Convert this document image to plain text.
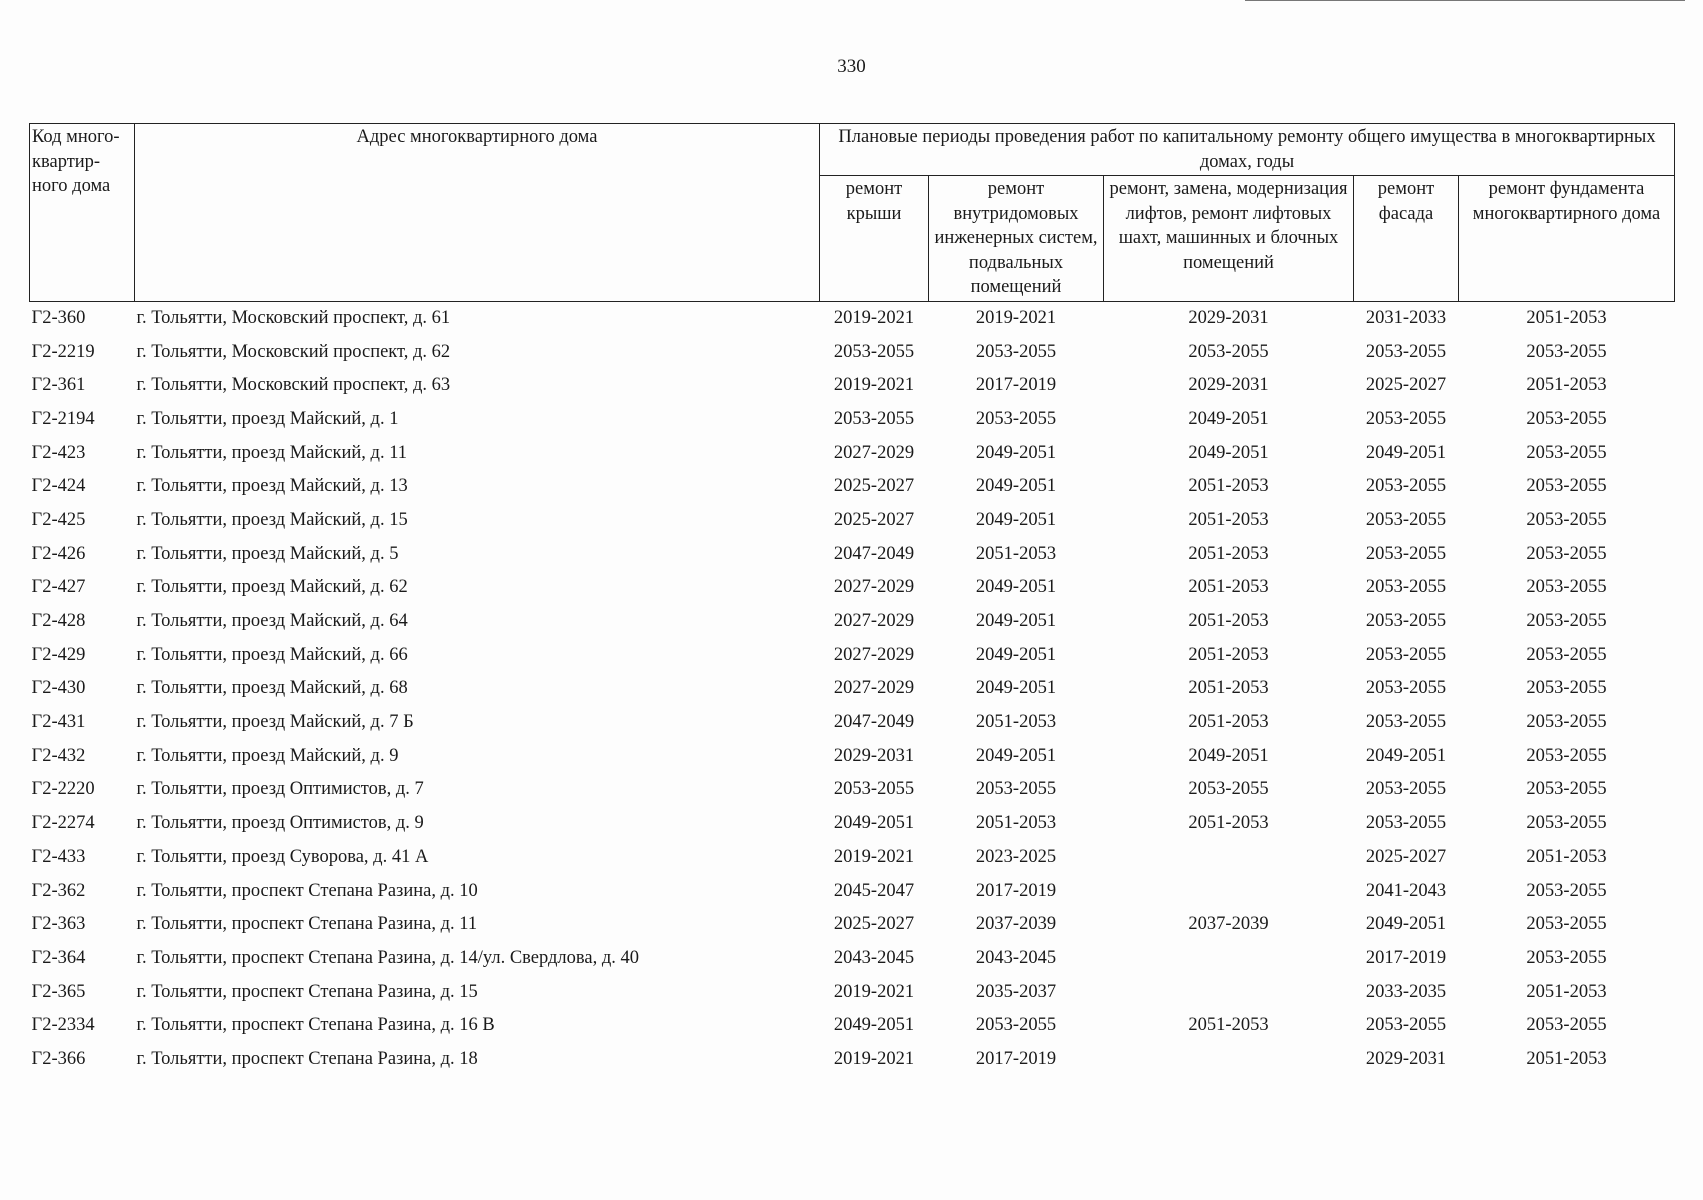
330
Код много-квартир-ного дома	Адрес многоквартирного дома	Плановые периоды проведения работ по капитальному ремонту общего имущества в многоквартирных домах, годы				
		ремонт крыши	ремонт внутридомовых инженерных систем, подвальных помещений	ремонт, замена, модернизация лифтов, ремонт лифтовых шахт, машинных и блочных помещений	ремонт фасада	ремонт фундамента многоквартирного дома
Г2-360	г. Тольятти, Московский проспект, д. 61	2019-2021	2019-2021	2029-2031	2031-2033	2051-2053
Г2-2219	г. Тольятти, Московский проспект, д. 62	2053-2055	2053-2055	2053-2055	2053-2055	2053-2055
Г2-361	г. Тольятти, Московский проспект, д. 63	2019-2021	2017-2019	2029-2031	2025-2027	2051-2053
Г2-2194	г. Тольятти, проезд Майский, д. 1	2053-2055	2053-2055	2049-2051	2053-2055	2053-2055
Г2-423	г. Тольятти, проезд Майский, д. 11	2027-2029	2049-2051	2049-2051	2049-2051	2053-2055
Г2-424	г. Тольятти, проезд Майский, д. 13	2025-2027	2049-2051	2051-2053	2053-2055	2053-2055
Г2-425	г. Тольятти, проезд Майский, д. 15	2025-2027	2049-2051	2051-2053	2053-2055	2053-2055
Г2-426	г. Тольятти, проезд Майский, д. 5	2047-2049	2051-2053	2051-2053	2053-2055	2053-2055
Г2-427	г. Тольятти, проезд Майский, д. 62	2027-2029	2049-2051	2051-2053	2053-2055	2053-2055
Г2-428	г. Тольятти, проезд Майский, д. 64	2027-2029	2049-2051	2051-2053	2053-2055	2053-2055
Г2-429	г. Тольятти, проезд Майский, д. 66	2027-2029	2049-2051	2051-2053	2053-2055	2053-2055
Г2-430	г. Тольятти, проезд Майский, д. 68	2027-2029	2049-2051	2051-2053	2053-2055	2053-2055
Г2-431	г. Тольятти, проезд Майский, д. 7 Б	2047-2049	2051-2053	2051-2053	2053-2055	2053-2055
Г2-432	г. Тольятти, проезд Майский, д. 9	2029-2031	2049-2051	2049-2051	2049-2051	2053-2055
Г2-2220	г. Тольятти, проезд Оптимистов, д. 7	2053-2055	2053-2055	2053-2055	2053-2055	2053-2055
Г2-2274	г. Тольятти, проезд Оптимистов, д. 9	2049-2051	2051-2053	2051-2053	2053-2055	2053-2055
Г2-433	г. Тольятти, проезд Суворова, д. 41 А	2019-2021	2023-2025		2025-2027	2051-2053
Г2-362	г. Тольятти, проспект Степана Разина, д. 10	2045-2047	2017-2019		2041-2043	2053-2055
Г2-363	г. Тольятти, проспект Степана Разина, д. 11	2025-2027	2037-2039	2037-2039	2049-2051	2053-2055
Г2-364	г. Тольятти, проспект Степана Разина, д. 14/ул. Свердлова, д. 40	2043-2045	2043-2045		2017-2019	2053-2055
Г2-365	г. Тольятти, проспект Степана Разина, д. 15	2019-2021	2035-2037		2033-2035	2051-2053
Г2-2334	г. Тольятти, проспект Степана Разина, д. 16 В	2049-2051	2053-2055	2051-2053	2053-2055	2053-2055
Г2-366	г. Тольятти, проспект Степана Разина, д. 18	2019-2021	2017-2019		2029-2031	2051-2053
